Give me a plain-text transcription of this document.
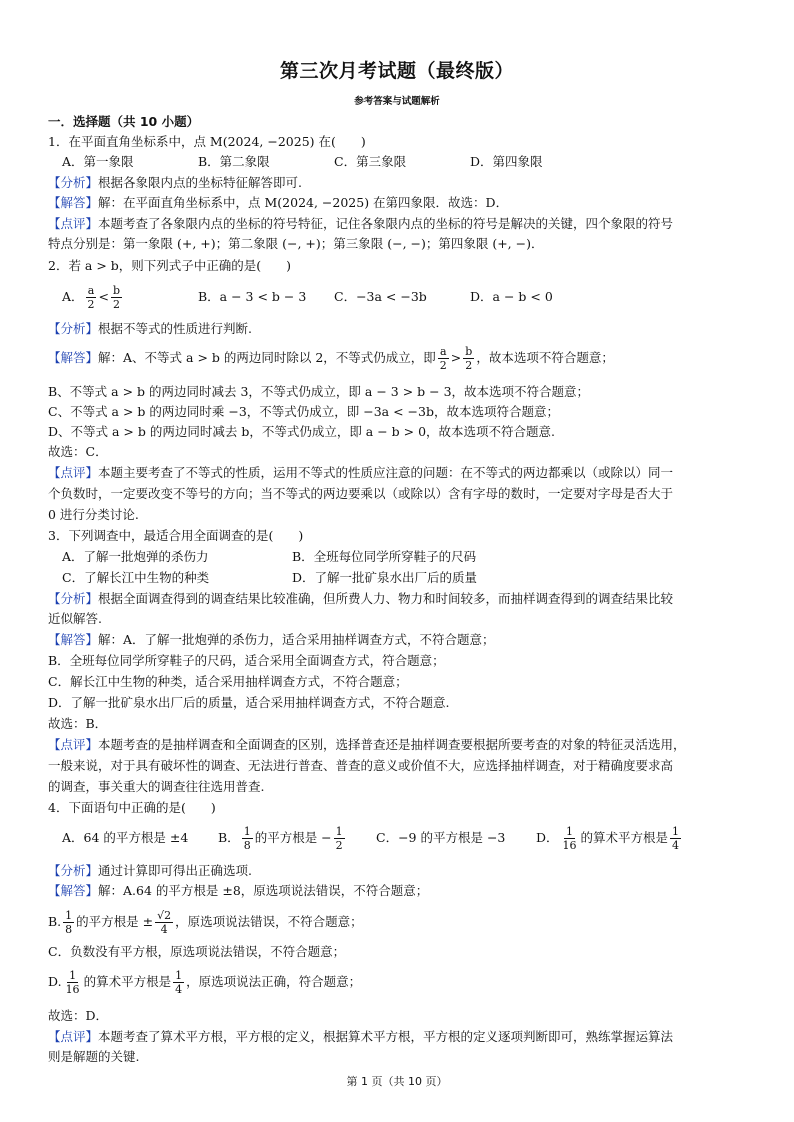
第三次月考试题（最终版）
参考答案与试题解析
一．选择题（共 10 小题）
1．在平面直角坐标系中，点 M(2024, −2025) 在(　　)
A．第一象限	B．第二象限	C．第三象限	D．第四象限
【分析】根据各象限内点的坐标特征解答即可.
【解答】解：在平面直角坐标系中，点 M(2024, −2025) 在第四象限．故选：D．
【点评】本题考查了各象限内点的坐标的符号特征，记住各象限内点的坐标的符号是解决的关键，四个象限的符号
特点分别是：第一象限 (+, +)；第二象限 (−, +)；第三象限 (−, −)；第四象限 (+, −)．
2．若 a > b，则下列式子中正确的是(　　)
A． $\frac{a}{2} < \frac{b}{2}$	B．a − 3 < b − 3 C．−3a < −3b	D．a − b < 0
【分析】根据不等式的性质进行判断.
【解答】解：A、不等式 a > b 的两边同时除以 2，不等式仍成立，即 $\frac{a}{2} > \frac{b}{2}$ ，故本选项不符合题意；
B、不等式 a > b 的两边同时减去 3，不等式仍成立，即 a − 3 > b − 3，故本选项不符合题意；
C、不等式 a > b 的两边同时乘 −3，不等式仍成立，即 −3a < −3b，故本选项符合题意；
D、不等式 a > b 的两边同时减去 b，不等式仍成立，即 a − b > 0，故本选项不符合题意.
故选：C．
【点评】本题主要考查了不等式的性质，运用不等式的性质应注意的问题：在不等式的两边都乘以（或除以）同一
个负数时，一定要改变不等号的方向；当不等式的两边要乘以（或除以）含有字母的数时，一定要对字母是否大于
0 进行分类讨论.
3．下列调查中，最适合用全面调查的是(　　)
A．了解一批炮弹的杀伤力	B．全班每位同学所穿鞋子的尺码
C．了解长江中生物的种类	D．了解一批矿泉水出厂后的质量
【分析】根据全面调查得到的调查结果比较准确，但所费人力、物力和时间较多，而抽样调查得到的调查结果比较
近似解答.
【解答】解：A．了解一批炮弹的杀伤力，适合采用抽样调查方式，不符合题意；
B．全班每位同学所穿鞋子的尺码，适合采用全面调查方式，符合题意；
C．解长江中生物的种类，适合采用抽样调查方式，不符合题意；
D．了解一批矿泉水出厂后的质量，适合采用抽样调查方式，不符合题意.
故选：B．
【点评】本题考查的是抽样调查和全面调查的区别，选择普查还是抽样调查要根据所要考查的对象的特征灵活选用，
一般来说，对于具有破坏性的调查、无法进行普查、普查的意义或价值不大，应选择抽样调查，对于精确度要求高
的调查，事关重大的调查往往选用普查.
4．下面语句中正确的是(　　)
A．64 的平方根是 ±4 B． $\frac{1}{8}$ 的平方根是 − $\frac{1}{2}$	C．−9 的平方根是 −3 D． $\frac{1}{16}$ 的算术平方根是 $\frac{1}{4}$
【分析】通过计算即可得出正确选项.
【解答】解：A.64 的平方根是 ±8，原选项说法错误，不符合题意；
B. $\frac{1}{8}$ 的平方根是 ± $\frac{√2}{4}$ ，原选项说法错误，不符合题意；
C．负数没有平方根，原选项说法错误，不符合题意；
D. $\frac{1}{16}$ 的算术平方根是 $\frac{1}{4}$ ，原选项说法正确，符合题意；
故选：D．
【点评】本题考查了算术平方根，平方根的定义，根据算术平方根，平方根的定义逐项判断即可，熟练掌握运算法
则是解题的关键.
第 1 页（共 10 页）
